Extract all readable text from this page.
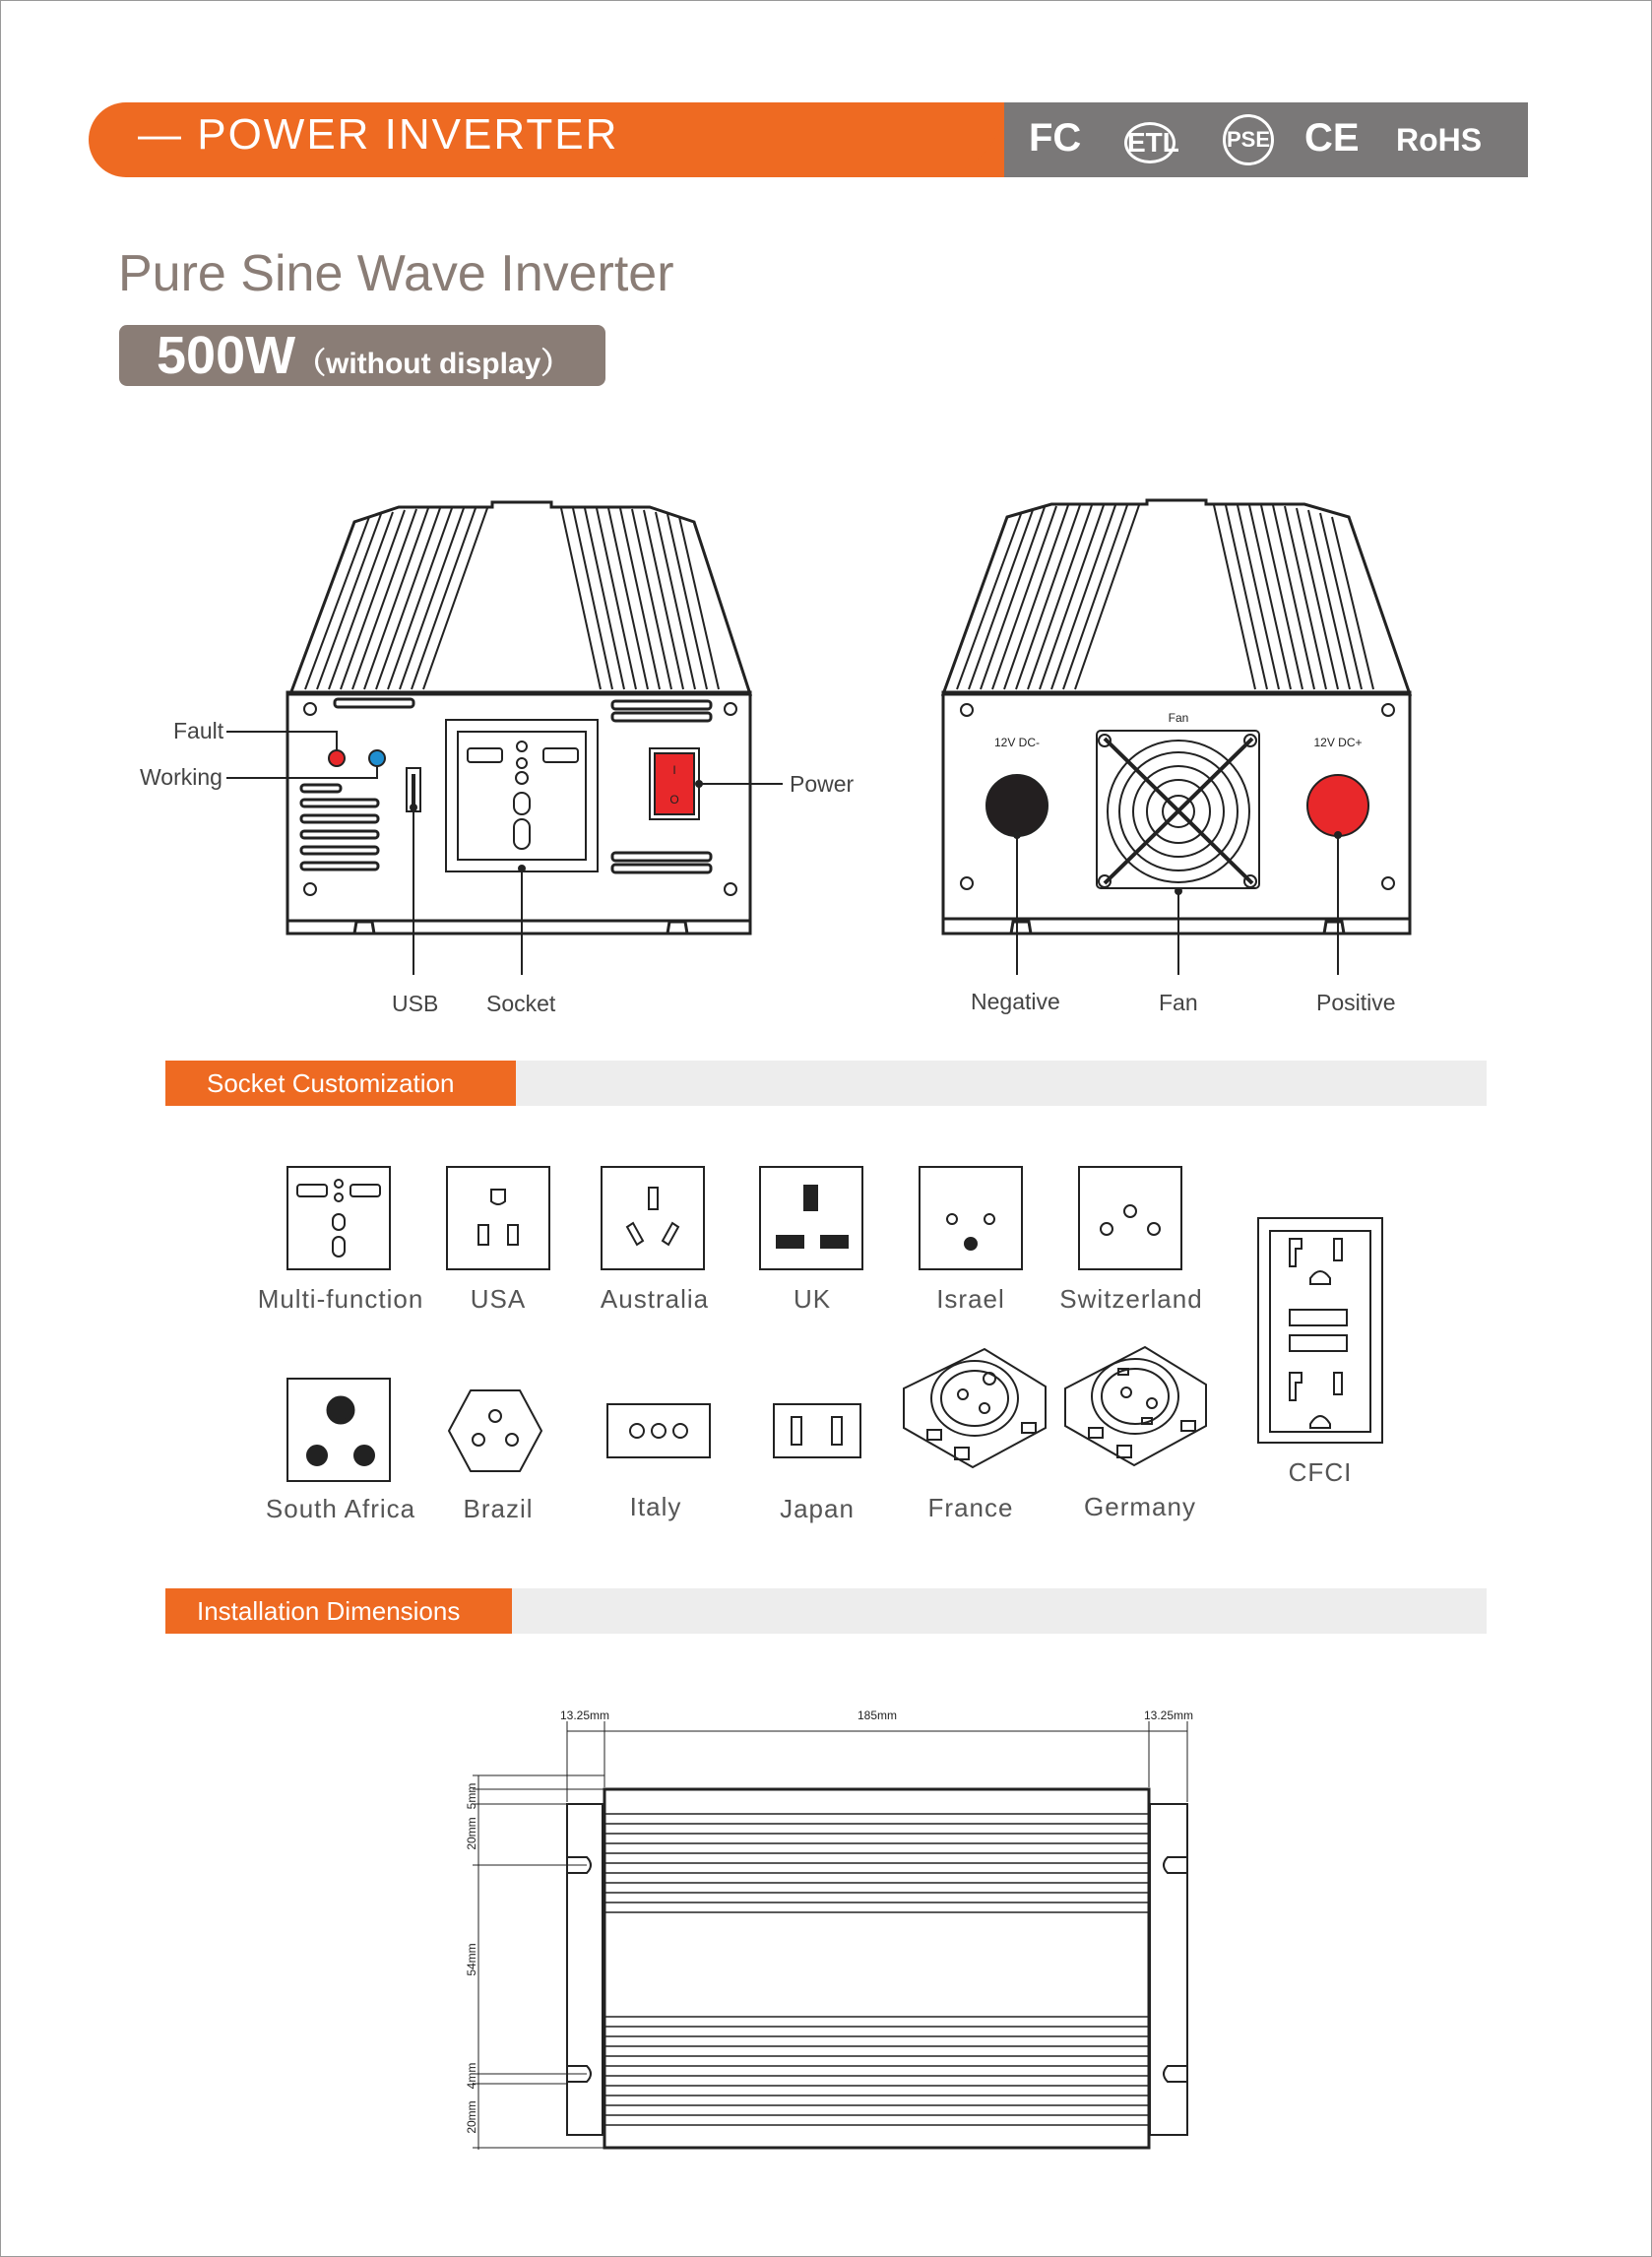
— POWER INVERTER	FC ETL PSE CE RoHS
Pure Sine Wave Inverter
500W （without display）
I
O
12V DC-
Fan
12V DC+
Fault
Working	Power
USB Socket	Negative	Fan	Positive
Socket Customization
Multi-function	USA	Australia	UK	Israel	Switzerland
South Africa	Brazil	Italy	Japan	France	Germany
CFCI
Installation Dimensions
13.25mm	185mm	13.25mm
5mm
20mm
54mm
4mm
20mm
